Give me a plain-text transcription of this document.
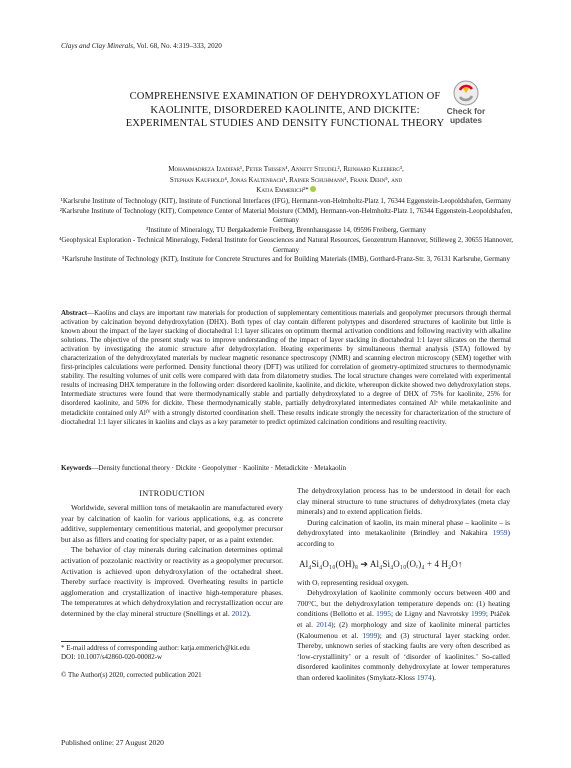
Clays and Clay Minerals, Vol. 68, No. 4:319–333, 2020
Check for
updates
COMPREHENSIVE EXAMINATION OF DEHYDROXYLATION OF KAOLINITE, DISORDERED KAOLINITE, AND DICKITE: EXPERIMENTAL STUDIES AND DENSITY FUNCTIONAL THEORY
Mohammadreza Izadifar¹, Peter Thissen¹, Annett Steudel², Reinhard Kleeberg³,
Stephan Kaufhold⁴, Jonas Kaltenbach¹, Rainer Schuhmann², Frank Dehn⁵, and
Katja Emmerich²*
¹Karlsruhe Institute of Technology (KIT), Institute of Functional Interfaces (IFG), Hermann-von-Helmholtz-Platz 1, 76344 Eggenstein-Leopoldshafen, Germany
²Karlsruhe Institute of Technology (KIT), Competence Center of Material Moisture (CMM), Hermann-von-Helmholtz-Platz 1, 76344 Eggenstein-Leopoldshafen, Germany
³Institute of Mineralogy, TU Bergakademie Freiberg, Brennhausgasse 14, 09596 Freiberg, Germany
⁴Geophysical Exploration - Technical Mineralogy, Federal Institute for Geosciences and Natural Resources, Geozentrum Hannover, Stilleweg 2, 30655 Hannover, Germany
⁵Karlsruhe Institute of Technology (KIT), Institute for Concrete Structures and for Building Materials (IMB), Gotthard-Franz-Str. 3, 76131 Karlsruhe, Germany
Abstract—Kaolins and clays are important raw materials for production of supplementary cementitious materials and geopolymer precursors through thermal activation by calcination beyond dehydroxylation (DHX). Both types of clay contain different polytypes and disordered structures of kaolinite but little is known about the impact of the layer stacking of dioctahedral 1:1 layer silicates on optimum thermal activation conditions and following reactivity with alkaline solutions. The objective of the present study was to improve understanding of the impact of layer stacking in dioctahedral 1:1 layer silicates on the thermal activation by investigating the atomic structure after dehydroxylation. Heating experiments by simultaneous thermal analysis (STA) followed by characterization of the dehydroxylated materials by nuclear magnetic resonance spectroscopy (NMR) and scanning electron microscopy (SEM) together with first-principles calculations were performed. Density functional theory (DFT) was utilized for correlation of geometry-optimized structures to thermodynamic stability. The resulting volumes of unit cells were compared with data from dilatometry studies. The local structure changes were correlated with experimental results of increasing DHX temperature in the following order: disordered kaolinite, kaolinite, and dickite, whereupon dickite showed two dehydroxylation steps. Intermediate structures were found that were thermodynamically stable and partially dehydroxylated to a degree of DHX of 75% for kaolinite, 25% for disordered kaolinite, and 50% for dickite. These thermodynamically stable, partially dehydroxylated intermediates contained Alᵛ while metakaolinite and metadickite contained only Alᴵⱽ with a strongly distorted coordination shell. These results indicate strongly the necessity for characterization of the structure of dioctahedral 1:1 layer silicates in kaolins and clays as a key parameter to predict optimized calcination conditions and resulting reactivity.
Keywords—Density functional theory · Dickite · Geopolymer · Kaolinite · Metadickite · Metakaolin
INTRODUCTION

Worldwide, several million tons of metakaolin are manufactured every year by calcination of kaolin for various applications, e.g. as concrete additive, supplementary cementitious material, and geopolymer precursor but also as fillers and coating for specialty paper, or as a paint extender.

The behavior of clay minerals during calcination determines optimal activation of pozzolanic reactivity or reactivity as a geopolymer precursor. Activation is achieved upon dehydroxylation of the octahedral sheet. Thereby surface reactivity is improved. Overheating results in particle agglomeration and crystallization of inactive high-temperature phases. The temperatures at which dehydroxylation and recrystallization occur are determined by the clay mineral structure (Snellings et al. 2012).

The dehydroxylation process has to be understood in detail for each clay mineral structure to tune structures of dehydroxylates (meta clay minerals) and to extend application fields.

During calcination of kaolin, its main mineral phase – kaolinite – is dehydroxylated into metakaolinite (Brindley and Nakahira 1959) according to

Al₄Si₄O₁₀(OH)₈ ➔ Al₄Si₄O₁₀(Oᵣ)₄ + 4 H₂O↑

with Oᵣ representing residual oxygen.

Dehydroxylation of kaolinite commonly occurs between 400 and 700°C, but the dehydroxylation temperature depends on: (1) heating conditions (Bellotto et al. 1995; de Ligny and Navrotsky 1999; Ptáček et al. 2014); (2) morphology and size of kaolinite mineral particles (Kaloumenou et al. 1999); and (3) structural layer stacking order. Thereby, unknown series of stacking faults are very often described as ‘low-crystallinity’ or a result of ‘disorder of kaolinites.’ So-called disordered kaolinites commonly dehydroxylate at lower temperatures than ordered kaolinites (Smykatz-Kloss 1974).

* E-mail address of corresponding author: katja.emmerich@kit.edu
DOI: 10.1007/s42860-020-00082-w
© The Author(s) 2020, corrected publication 2021
Published online: 27 August 2020
